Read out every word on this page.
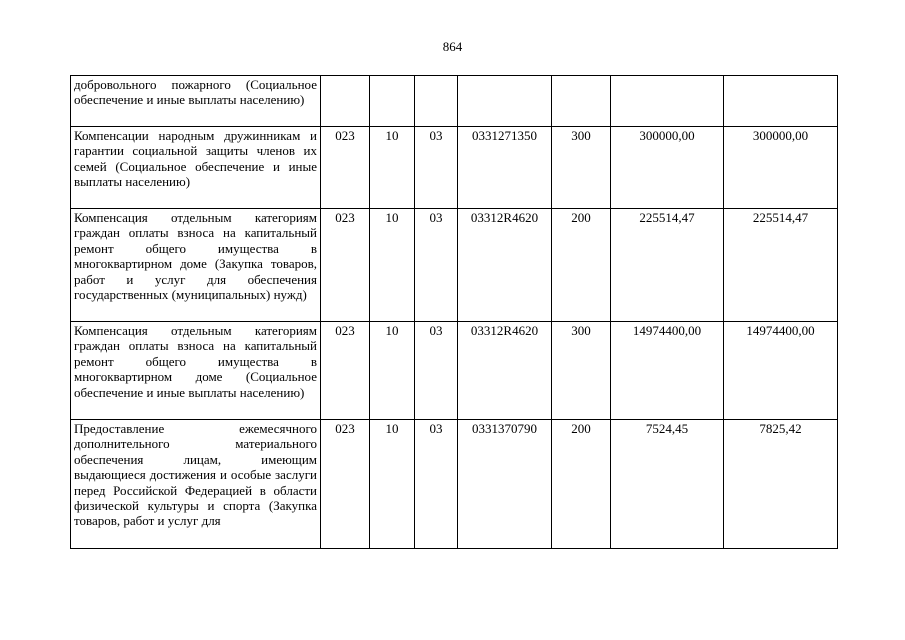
864
добровольного пожарного (Социальное обеспечение и иные выплаты населению)							
Компенсации народным дружинникам и гарантии социальной защиты членов их семей (Социальное обеспечение и иные выплаты населению)	023	10	03	0331271350	300	300000,00	300000,00
Компенсация отдельным категориям граждан оплаты взноса на капитальный ремонт общего имущества в многоквартирном доме (Закупка товаров, работ и услуг для обеспечения государственных (муниципальных) нужд)	023	10	03	03312R4620	200	225514,47	225514,47
Компенсация отдельным категориям граждан оплаты взноса на капитальный ремонт общего имущества в многоквартирном доме (Социальное обеспечение и иные выплаты населению)	023	10	03	03312R4620	300	14974400,00	14974400,00
Предоставление ежемесячного дополнительного материального обеспечения лицам, имеющим выдающиеся достижения и особые заслуги перед Российской Федерацией в области физической культуры и спорта (Закупка товаров, работ и услуг для	023	10	03	0331370790	200	7524,45	7825,42
